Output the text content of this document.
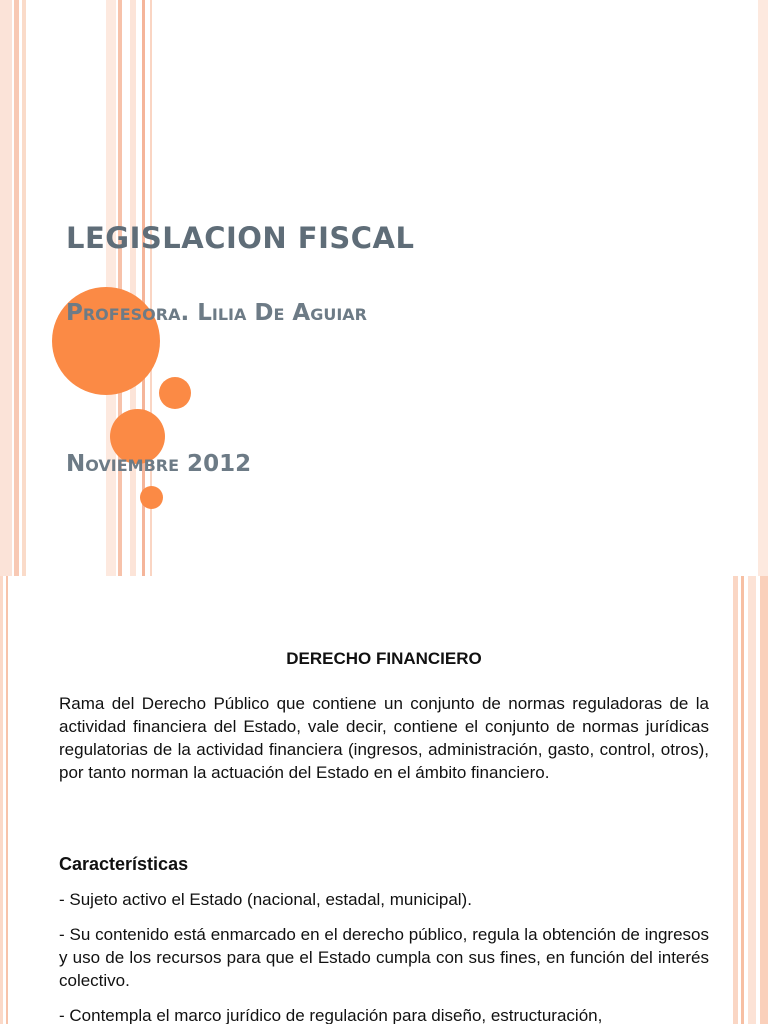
LEGISLACION FISCAL
Profesora. Lilia De Aguiar
Noviembre 2012

DERECHO FINANCIERO

Rama del Derecho Público que contiene un conjunto de normas reguladoras de la actividad financiera del Estado, vale decir, contiene el conjunto de normas jurídicas regulatorias de la actividad financiera (ingresos, administración, gasto, control, otros), por tanto norman la actuación del Estado en el ámbito financiero.

Características

- Sujeto activo el Estado (nacional, estadal, municipal).

- Su contenido está enmarcado en el derecho público, regula la obtención de ingresos y uso de los recursos para que el Estado cumpla con sus fines, en función del interés colectivo.

- Contempla el marco jurídico de regulación para diseño, estructuración,
